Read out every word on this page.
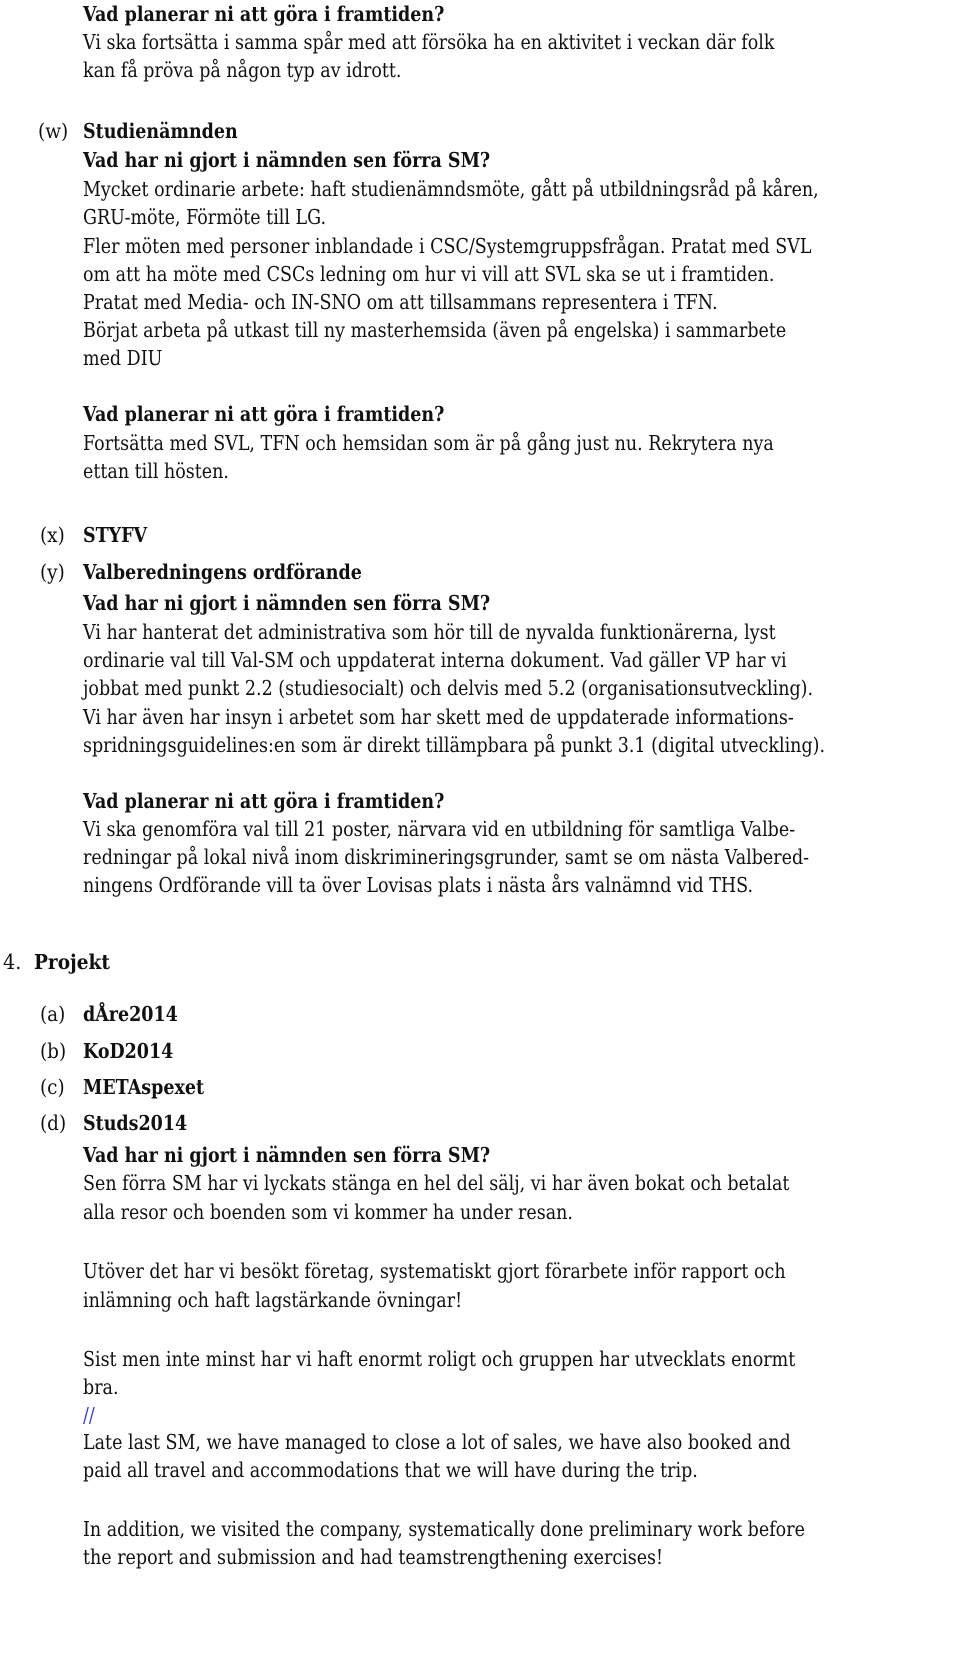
Vad planerar ni att göra i framtiden?
Vi ska fortsätta i samma spår med att försöka ha en aktivitet i veckan där folk
kan få pröva på någon typ av idrott.
(w) Studienämnden
Vad har ni gjort i nämnden sen förra SM?
Mycket ordinarie arbete: haft studienämndsmöte, gått på utbildningsråd på kåren,
GRU-möte, Förmöte till LG.
Fler möten med personer inblandade i CSC/Systemgruppsfrågan. Pratat med SVL
om att ha möte med CSCs ledning om hur vi vill att SVL ska se ut i framtiden.
Pratat med Media- och IN-SNO om att tillsammans representera i TFN.
Börjat arbeta på utkast till ny masterhemsida (även på engelska) i sammarbete
med DIU
Vad planerar ni att göra i framtiden?
Fortsätta med SVL, TFN och hemsidan som är på gång just nu. Rekrytera nya
ettan till hösten.
(x) STYFV
(y) Valberedningens ordförande
Vad har ni gjort i nämnden sen förra SM?
Vi har hanterat det administrativa som hör till de nyvalda funktionärerna, lyst
ordinarie val till Val-SM och uppdaterat interna dokument. Vad gäller VP har vi
jobbat med punkt 2.2 (studiesocialt) och delvis med 5.2 (organisationsutveckling).
Vi har även har insyn i arbetet som har skett med de uppdaterade informations-
spridningsguidelines:en som är direkt tillämpbara på punkt 3.1 (digital utveckling).
Vad planerar ni att göra i framtiden?
Vi ska genomföra val till 21 poster, närvara vid en utbildning för samtliga Valbe-
redningar på lokal nivå inom diskrimineringsgrunder, samt se om nästa Valbered-
ningens Ordförande vill ta över Lovisas plats i nästa års valnämnd vid THS.
4. Projekt
(a) dÅre2014
(b) KoD2014
(c) METAspexet
(d) Studs2014
Vad har ni gjort i nämnden sen förra SM?
Sen förra SM har vi lyckats stänga en hel del sälj, vi har även bokat och betalat
alla resor och boenden som vi kommer ha under resan.
Utöver det har vi besökt företag, systematiskt gjort förarbete inför rapport och
inlämning och haft lagstärkande övningar!
Sist men inte minst har vi haft enormt roligt och gruppen har utvecklats enormt
bra.
//
Late last SM, we have managed to close a lot of sales, we have also booked and
paid all travel and accommodations that we will have during the trip.
In addition, we visited the company, systematically done preliminary work before
the report and submission and had teamstrengthening exercises!
